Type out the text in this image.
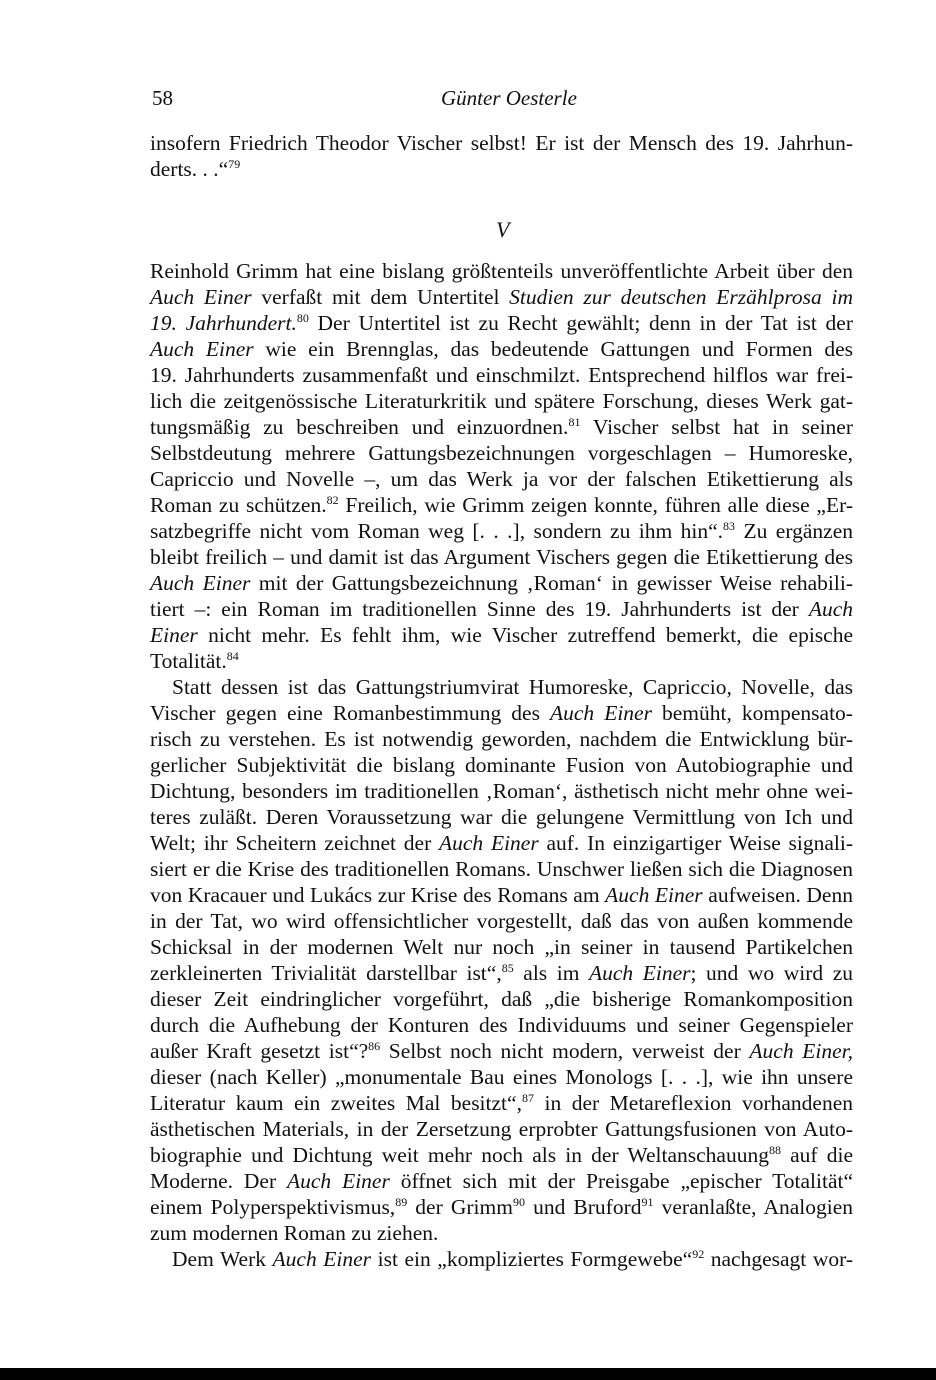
58	Günter Oesterle
V
insofern Friedrich Theodor Vischer selbst! Er ist der Mensch des 19. Jahrhun-
derts. . .“$^{79}$
Reinhold Grimm hat eine bislang größtenteils unveröffentlichte Arbeit über den
Auch Einer verfaßt mit dem Untertitel Studien zur deutschen Erzählprosa im
19. Jahrhundert.$^{80}$ Der Untertitel ist zu Recht gewählt; denn in der Tat ist der
Auch Einer wie ein Brennglas, das bedeutende Gattungen und Formen des
19. Jahrhunderts zusammenfaßt und einschmilzt. Entsprechend hilflos war frei-
lich die zeitgenössische Literaturkritik und spätere Forschung, dieses Werk gat-
tungsmäßig zu beschreiben und einzuordnen.$^{81}$ Vischer selbst hat in seiner
Selbstdeutung mehrere Gattungsbezeichnungen vorgeschlagen – Humoreske,
Capriccio und Novelle –, um das Werk ja vor der falschen Etikettierung als
Roman zu schützen.$^{82}$ Freilich, wie Grimm zeigen konnte, führen alle diese „Er-
satzbegriffe nicht vom Roman weg [. . .], sondern zu ihm hin“.$^{83}$ Zu ergänzen
bleibt freilich – und damit ist das Argument Vischers gegen die Etikettierung des
Auch Einer mit der Gattungsbezeichnung ‚Roman‘ in gewisser Weise rehabili-
tiert –: ein Roman im traditionellen Sinne des 19. Jahrhunderts ist der Auch
Einer nicht mehr. Es fehlt ihm, wie Vischer zutreffend bemerkt, die epische
Totalität.$^{84}$
Statt dessen ist das Gattungstriumvirat Humoreske, Capriccio, Novelle, das
Vischer gegen eine Romanbestimmung des Auch Einer bemüht, kompensato-
risch zu verstehen. Es ist notwendig geworden, nachdem die Entwicklung bür-
gerlicher Subjektivität die bislang dominante Fusion von Autobiographie und
Dichtung, besonders im traditionellen ‚Roman‘, ästhetisch nicht mehr ohne wei-
teres zuläßt. Deren Voraussetzung war die gelungene Vermittlung von Ich und
Welt; ihr Scheitern zeichnet der Auch Einer auf. In einzigartiger Weise signali-
siert er die Krise des traditionellen Romans. Unschwer ließen sich die Diagnosen
von Kracauer und Lukács zur Krise des Romans am Auch Einer aufweisen. Denn
in der Tat, wo wird offensichtlicher vorgestellt, daß das von außen kommende
Schicksal in der modernen Welt nur noch „in seiner in tausend Partikelchen
zerkleinerten Trivialität darstellbar ist“,$^{85}$ als im Auch Einer; und wo wird zu
dieser Zeit eindringlicher vorgeführt, daß „die bisherige Romankomposition
durch die Aufhebung der Konturen des Individuums und seiner Gegenspieler
außer Kraft gesetzt ist“?$^{86}$ Selbst noch nicht modern, verweist der Auch Einer,
dieser (nach Keller) „monumentale Bau eines Monologs [. . .], wie ihn unsere
Literatur kaum ein zweites Mal besitzt“,$^{87}$ in der Metareflexion vorhandenen
ästhetischen Materials, in der Zersetzung erprobter Gattungsfusionen von Auto-
biographie und Dichtung weit mehr noch als in der Weltanschauung$^{88}$ auf die
Moderne. Der Auch Einer öffnet sich mit der Preisgabe „epischer Totalität“
einem Polyperspektivismus,$^{89}$ der Grimm$^{90}$ und Bruford$^{91}$ veranlaßte, Analogien
zum modernen Roman zu ziehen.
Dem Werk Auch Einer ist ein „kompliziertes Formgewebe“$^{92}$ nachgesagt wor-
